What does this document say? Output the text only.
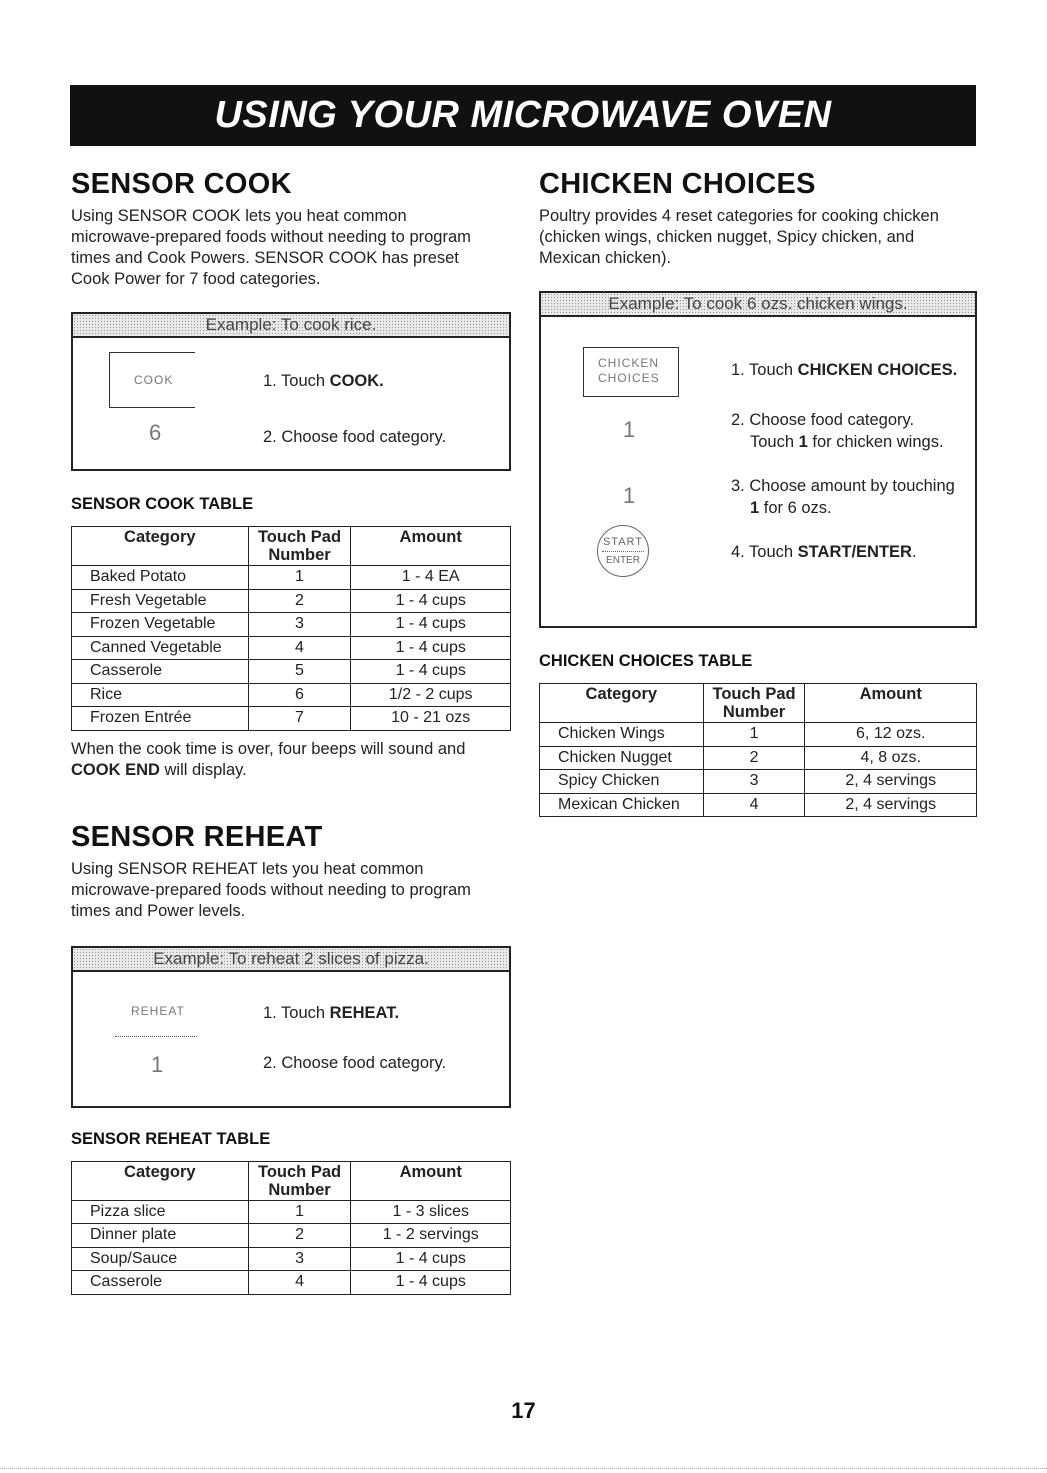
USING YOUR MICROWAVE OVEN
SENSOR COOK

Using SENSOR COOK lets you heat common microwave-prepared foods without needing to program times and Cook Powers. SENSOR COOK has preset Cook Power for 7 food categories.

Example: To cook rice.
COOK
6
1. Touch COOK.
2. Choose food category.

SENSOR COOK TABLE

Category	Touch Pad Number	Amount
Baked Potato	1	1 - 4 EA
Fresh Vegetable	2	1 - 4 cups
Frozen Vegetable	3	1 - 4 cups
Canned Vegetable	4	1 - 4 cups
Casserole	5	1 - 4 cups
Rice	6	1/2 - 2 cups
Frozen Entrée	7	10 - 21 ozs

When the cook time is over, four beeps will sound and COOK END will display.

SENSOR REHEAT

Using SENSOR REHEAT lets you heat common microwave-prepared foods without needing to program times and Power levels.

Example: To reheat 2 slices of pizza.
REHEAT
1
1. Touch REHEAT.
2. Choose food category.

SENSOR REHEAT TABLE

Category	Touch Pad Number	Amount
Pizza slice	1	1 - 3 slices
Dinner plate	2	1 - 2 servings
Soup/Sauce	3	1 - 4 cups
Casserole	4	1 - 4 cups
CHICKEN CHOICES

Poultry provides 4 reset categories for cooking chicken (chicken wings, chicken nugget, Spicy chicken, and Mexican chicken).

Example: To cook 6 ozs. chicken wings.
CHICKEN
CHOICES
1
1
START
ENTER
1. Touch CHICKEN CHOICES.
2. Choose food category.
Touch 1 for chicken wings.
3. Choose amount by touching
1 for 6 ozs.
4. Touch START/ENTER.

CHICKEN CHOICES TABLE

Category	Touch Pad Number	Amount
Chicken Wings	1	6, 12 ozs.
Chicken Nugget	2	4, 8 ozs.
Spicy Chicken	3	2, 4 servings
Mexican Chicken	4	2, 4 servings
17
